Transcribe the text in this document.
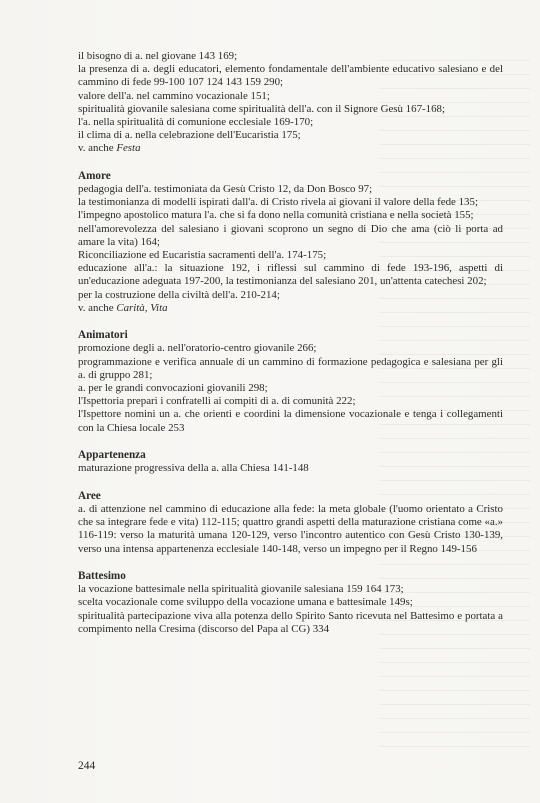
il bisogno di a. nel giovane 143 169;

la presenza di a. degli educatori, elemento fondamentale dell'ambiente educativo salesiano e del cammino di fede 99-100 107 124 143 159 290;

valore dell'a. nel cammino vocazionale 151;

spiritualità giovanile salesiana come spiritualità dell'a. con il Signore Gesù 167-168;

l'a. nella spiritualità di comunione ecclesiale 169-170;

il clima di a. nella celebrazione dell'Eucaristia 175;

v. anche Festa

Amore

pedagogia dell'a. testimoniata da Gesù Cristo 12, da Don Bosco 97;

la testimonianza di modelli ispirati dall'a. di Cristo rivela ai giovani il valore della fede 135;

l'impegno apostolico matura l'a. che si fa dono nella comunità cristiana e nella società 155;

nell'amorevolezza del salesiano i giovani scoprono un segno di Dio che ama (ciò li porta ad amare la vita) 164;

Riconciliazione ed Eucaristia sacramenti dell'a. 174-175;

educazione all'a.: la situazione 192, i riflessi sul cammino di fede 193-196, aspetti di un'educazione adeguata 197-200, la testimonianza del salesiano 201, un'attenta catechesi 202;

per la costruzione della civiltà dell'a. 210-214;

v. anche Carità, Vita

Animatori

promozione degli a. nell'oratorio-centro giovanile 266;

programmazione e verifica annuale di un cammino di formazione pedagogica e salesiana per gli a. di gruppo 281;

a. per le grandi convocazioni giovanili 298;

l'Ispettoria prepari i confratelli ai compiti di a. di comunità 222;

l'Ispettore nomini un a. che orienti e coordini la dimensione vocazionale e tenga i collegamenti con la Chiesa locale 253

Appartenenza

maturazione progressiva della a. alla Chiesa 141-148

Aree

a. di attenzione nel cammino di educazione alla fede: la meta globale (l'uomo orientato a Cristo che sa integrare fede e vita) 112-115; quattro grandi aspetti della maturazione cristiana come «a.» 116-119: verso la maturità umana 120-129, verso l'incontro autentico con Gesù Cristo 130-139, verso una intensa appartenenza ecclesiale 140-148, verso un impegno per il Regno 149-156

Battesimo

la vocazione battesimale nella spiritualità giovanile salesiana 159 164 173;

scelta vocazionale come sviluppo della vocazione umana e battesimale 149s;

spiritualità partecipazione viva alla potenza dello Spirito Santo ricevuta nel Battesimo e portata a compimento nella Cresima (discorso del Papa al CG) 334

244
